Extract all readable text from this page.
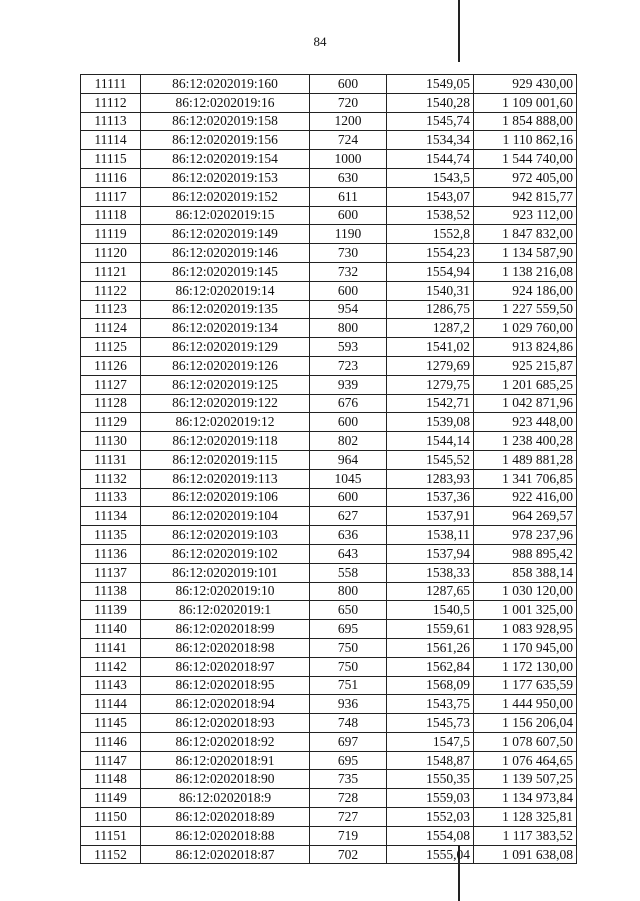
84
11111	86:12:0202019:160	600	1549,05	929 430,00
11112	86:12:0202019:16	720	1540,28	1 109 001,60
11113	86:12:0202019:158	1200	1545,74	1 854 888,00
11114	86:12:0202019:156	724	1534,34	1 110 862,16
11115	86:12:0202019:154	1000	1544,74	1 544 740,00
11116	86:12:0202019:153	630	1543,5	972 405,00
11117	86:12:0202019:152	611	1543,07	942 815,77
11118	86:12:0202019:15	600	1538,52	923 112,00
11119	86:12:0202019:149	1190	1552,8	1 847 832,00
11120	86:12:0202019:146	730	1554,23	1 134 587,90
11121	86:12:0202019:145	732	1554,94	1 138 216,08
11122	86:12:0202019:14	600	1540,31	924 186,00
11123	86:12:0202019:135	954	1286,75	1 227 559,50
11124	86:12:0202019:134	800	1287,2	1 029 760,00
11125	86:12:0202019:129	593	1541,02	913 824,86
11126	86:12:0202019:126	723	1279,69	925 215,87
11127	86:12:0202019:125	939	1279,75	1 201 685,25
11128	86:12:0202019:122	676	1542,71	1 042 871,96
11129	86:12:0202019:12	600	1539,08	923 448,00
11130	86:12:0202019:118	802	1544,14	1 238 400,28
11131	86:12:0202019:115	964	1545,52	1 489 881,28
11132	86:12:0202019:113	1045	1283,93	1 341 706,85
11133	86:12:0202019:106	600	1537,36	922 416,00
11134	86:12:0202019:104	627	1537,91	964 269,57
11135	86:12:0202019:103	636	1538,11	978 237,96
11136	86:12:0202019:102	643	1537,94	988 895,42
11137	86:12:0202019:101	558	1538,33	858 388,14
11138	86:12:0202019:10	800	1287,65	1 030 120,00
11139	86:12:0202019:1	650	1540,5	1 001 325,00
11140	86:12:0202018:99	695	1559,61	1 083 928,95
11141	86:12:0202018:98	750	1561,26	1 170 945,00
11142	86:12:0202018:97	750	1562,84	1 172 130,00
11143	86:12:0202018:95	751	1568,09	1 177 635,59
11144	86:12:0202018:94	936	1543,75	1 444 950,00
11145	86:12:0202018:93	748	1545,73	1 156 206,04
11146	86:12:0202018:92	697	1547,5	1 078 607,50
11147	86:12:0202018:91	695	1548,87	1 076 464,65
11148	86:12:0202018:90	735	1550,35	1 139 507,25
11149	86:12:0202018:9	728	1559,03	1 134 973,84
11150	86:12:0202018:89	727	1552,03	1 128 325,81
11151	86:12:0202018:88	719	1554,08	1 117 383,52
11152	86:12:0202018:87	702	1555,04	1 091 638,08
